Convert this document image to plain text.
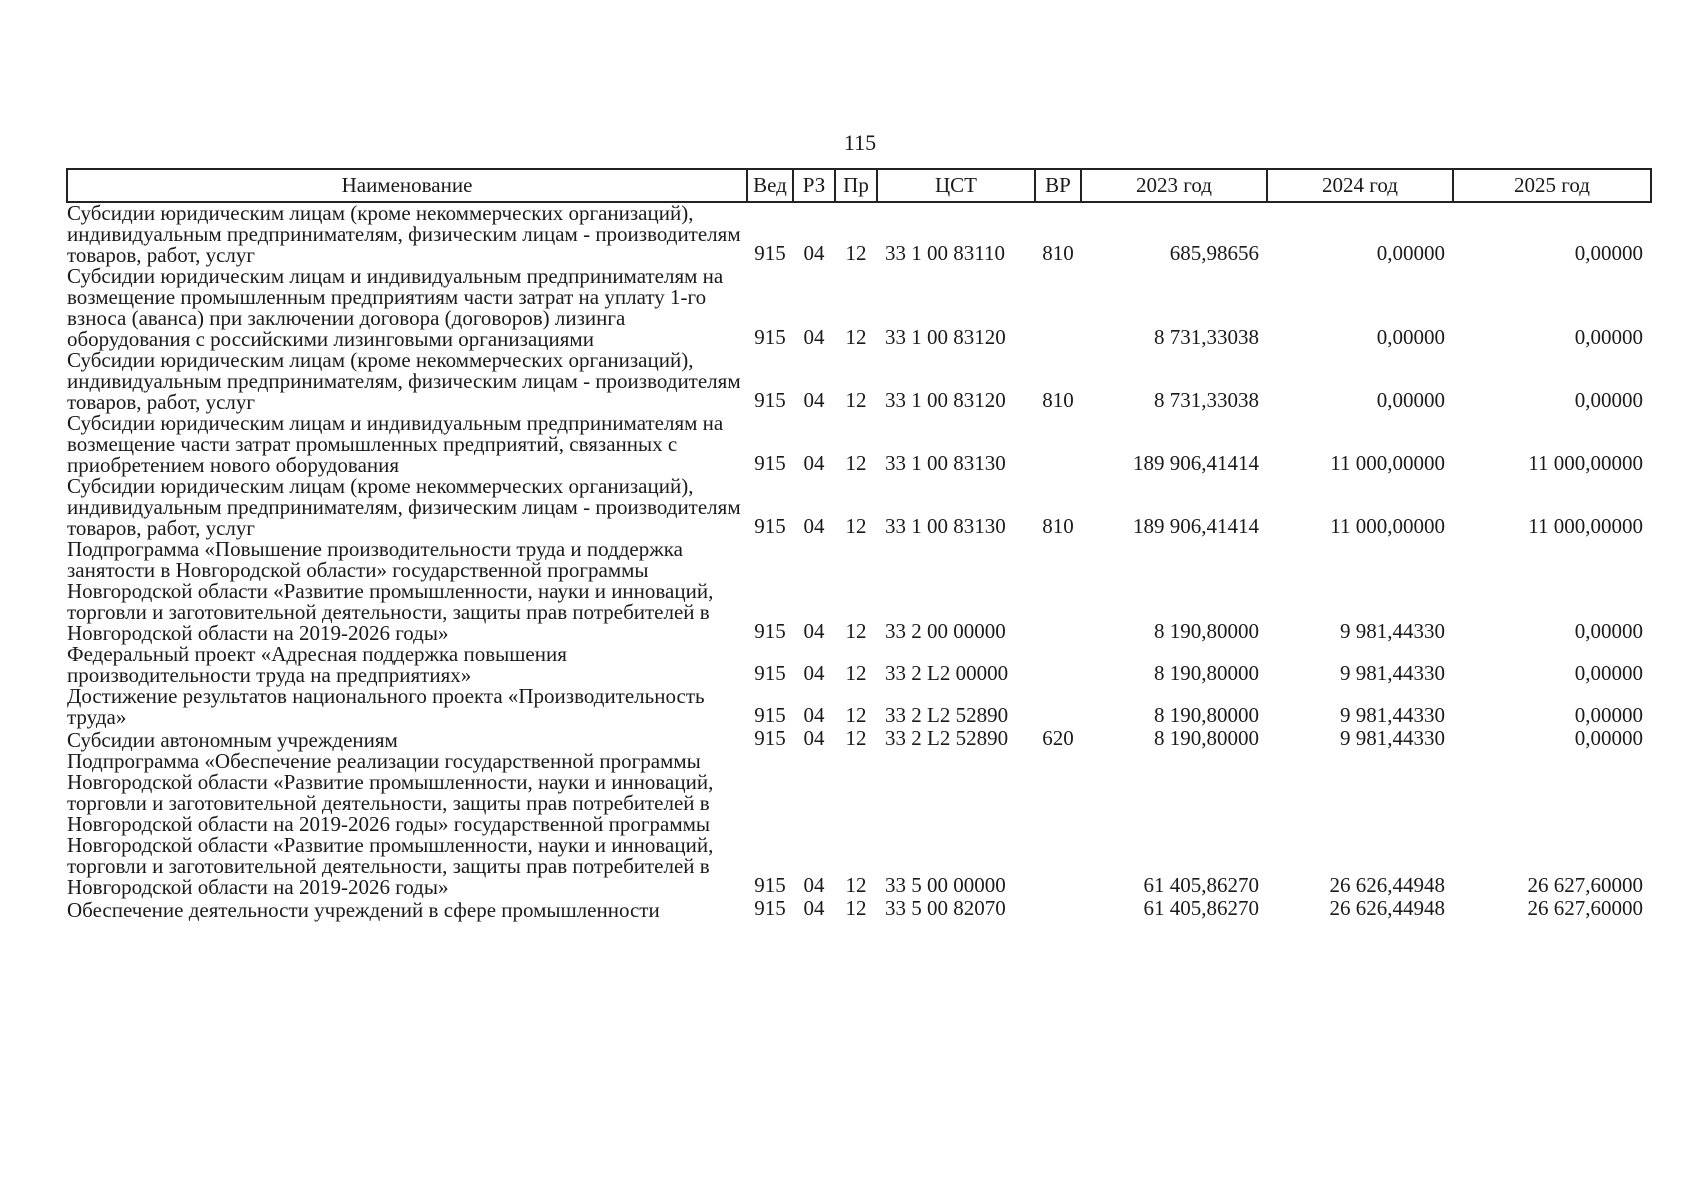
115
Наименование	Вед	РЗ	Пр	ЦСТ	ВР	2023 год	2024 год	2025 год
Субсидии юридическим лицам (кроме некоммерческих организаций), индивидуальным предпринимателям, физическим лицам - производителям товаров, работ, услуг	915	04	12	33 1 00 83110	810	685,98656	0,00000	0,00000
Субсидии юридическим лицам и индивидуальным предпринимателям на возмещение промышленным предприятиям части затрат на уплату 1-го взноса (аванса) при заключении договора (договоров) лизинга оборудования с российскими лизинговыми организациями	915	04	12	33 1 00 83120		8 731,33038	0,00000	0,00000
Субсидии юридическим лицам (кроме некоммерческих организаций), индивидуальным предпринимателям, физическим лицам - производителям товаров, работ, услуг	915	04	12	33 1 00 83120	810	8 731,33038	0,00000	0,00000
Субсидии юридическим лицам и индивидуальным предпринимателям на возмещение части затрат промышленных предприятий, связанных с приобретением нового оборудования	915	04	12	33 1 00 83130		189 906,41414	11 000,00000	11 000,00000
Субсидии юридическим лицам (кроме некоммерческих организаций), индивидуальным предпринимателям, физическим лицам - производителям товаров, работ, услуг	915	04	12	33 1 00 83130	810	189 906,41414	11 000,00000	11 000,00000
Подпрограмма «Повышение производительности труда и поддержка занятости в Новгородской области» государственной программы Новгородской области «Развитие промышленности, науки и инноваций, торговли и заготовительной деятельности, защиты прав потребителей в Новгородской области на 2019-2026 годы»	915	04	12	33 2 00 00000		8 190,80000	9 981,44330	0,00000
Федеральный проект «Адресная поддержка повышения производительности труда на предприятиях»	915	04	12	33 2 L2 00000		8 190,80000	9 981,44330	0,00000
Достижение результатов национального проекта «Производительность труда»	915	04	12	33 2 L2 52890		8 190,80000	9 981,44330	0,00000
Субсидии автономным учреждениям	915	04	12	33 2 L2 52890	620	8 190,80000	9 981,44330	0,00000
Подпрограмма «Обеспечение реализации государственной программы Новгородской области «Развитие промышленности, науки и инноваций, торговли и заготовительной деятельности, защиты прав потребителей в Новгородской области на 2019-2026 годы» государственной программы Новгородской области «Развитие промышленности, науки и инноваций, торговли и заготовительной деятельности, защиты прав потребителей в Новгородской области на 2019-2026 годы»	915	04	12	33 5 00 00000		61 405,86270	26 626,44948	26 627,60000
Обеспечение деятельности учреждений в сфере промышленности	915	04	12	33 5 00 82070		61 405,86270	26 626,44948	26 627,60000
